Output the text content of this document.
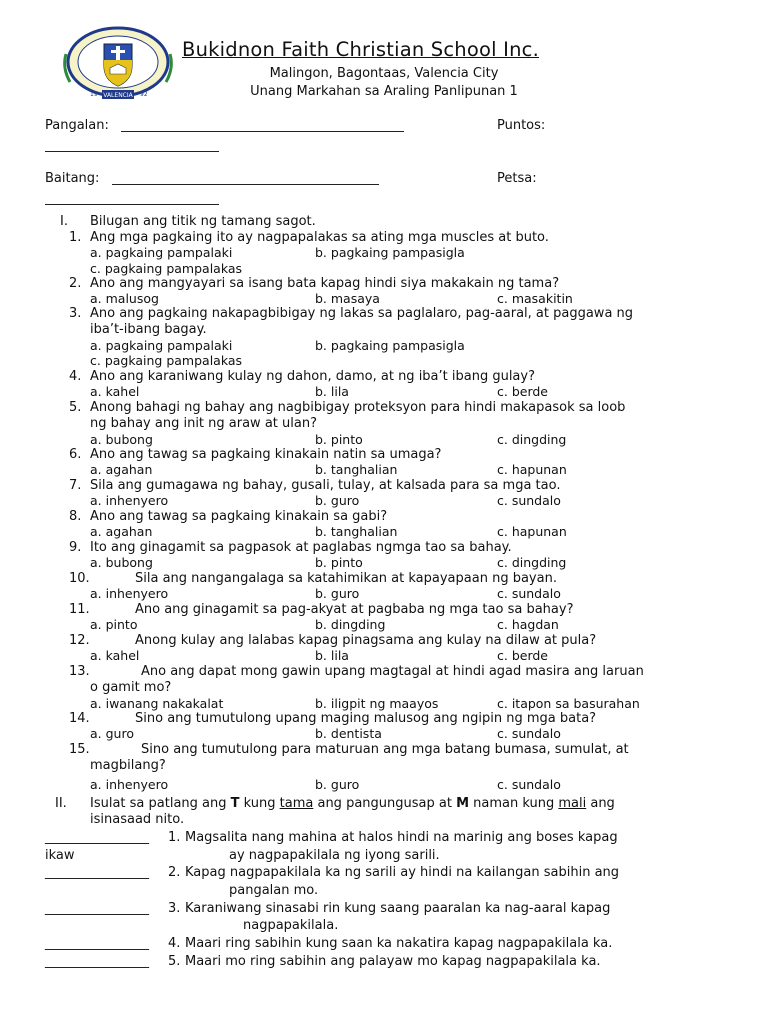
VALENCIA
19	92
Bukidnon Faith Christian School Inc.
Malingon, Bagontaas, Valencia City
Unang Markahan sa Araling Panlipunan 1
Pangalan:	Puntos:
Baitang:	Petsa:
I. Bilugan ang titik ng tamang sagot.
1. Ang mga pagkaing ito ay nagpapalakas sa ating mga muscles at buto.
a. pagkaing pampalaki	b. pagkaing pampasigla
c. pagkaing pampalakas
2. Ano ang mangyayari sa isang bata kapag hindi siya makakain ng tama?
a. malusog	b. masaya	c. masakitin
3. Ano ang pagkaing nakapagbibigay ng lakas sa paglalaro, pag-aaral, at paggawa ng
iba’t-ibang bagay.
a. pagkaing pampalaki	b. pagkaing pampasigla
c. pagkaing pampalakas
4. Ano ang karaniwang kulay ng dahon, damo, at ng iba’t ibang gulay?
a. kahel	b. lila	c. berde
5. Anong bahagi ng bahay ang nagbibigay proteksyon para hindi makapasok sa loob
ng bahay ang init ng araw at ulan?
a. bubong	b. pinto	c. dingding
6. Ano ang tawag sa pagkaing kinakain natin sa umaga?
a. agahan	b. tanghalian	c. hapunan
7. Sila ang gumagawa ng bahay, gusali, tulay, at kalsada para sa mga tao.
a. inhenyero	b. guro	c. sundalo
8. Ano ang tawag sa pagkaing kinakain sa gabi?
a. agahan	b. tanghalian	c. hapunan
9. Ito ang ginagamit sa pagpasok at paglabas ngmga tao sa bahay.
a. bubong	b. pinto	c. dingding
10.	Sila ang nangangalaga sa katahimikan at kapayapaan ng bayan.
a. inhenyero	b. guro	c. sundalo
11.	Ano ang ginagamit sa pag-akyat at pagbaba ng mga tao sa bahay?
a. pinto	b. dingding	c. hagdan
12.	Anong kulay ang lalabas kapag pinagsama ang kulay na dilaw at pula?
a. kahel	b. lila	c. berde
13.	Ano ang dapat mong gawin upang magtagal at hindi agad masira ang laruan
o gamit mo?
a. iwanang nakakalat	b. iligpit ng maayos	c. itapon sa basurahan
14.	Sino ang tumutulong upang maging malusog ang ngipin ng mga bata?
a. guro	b. dentista	c. sundalo
15.	Sino ang tumutulong para maturuan ang mga batang bumasa, sumulat, at
magbilang?
a. inhenyero	b. guro	c. sundalo
II. Isulat sa patlang ang T kung tama ang pangungusap at M naman kung mali ang
isinasaad nito.
________________ 1. Magsalita nang mahina at halos hindi na marinig ang boses kapag
ikaw	ay nagpapakilala ng iyong sarili.
________________ 2. Kapag nagpapakilala ka ng sarili ay hindi na kailangan sabihin ang
pangalan mo.
________________ 3. Karaniwang sinasabi rin kung saang paaralan ka nag-aaral kapag
nagpapakilala.
________________ 4. Maari ring sabihin kung saan ka nakatira kapag nagpapakilala ka.
________________ 5. Maari mo ring sabihin ang palayaw mo kapag nagpapakilala ka.
